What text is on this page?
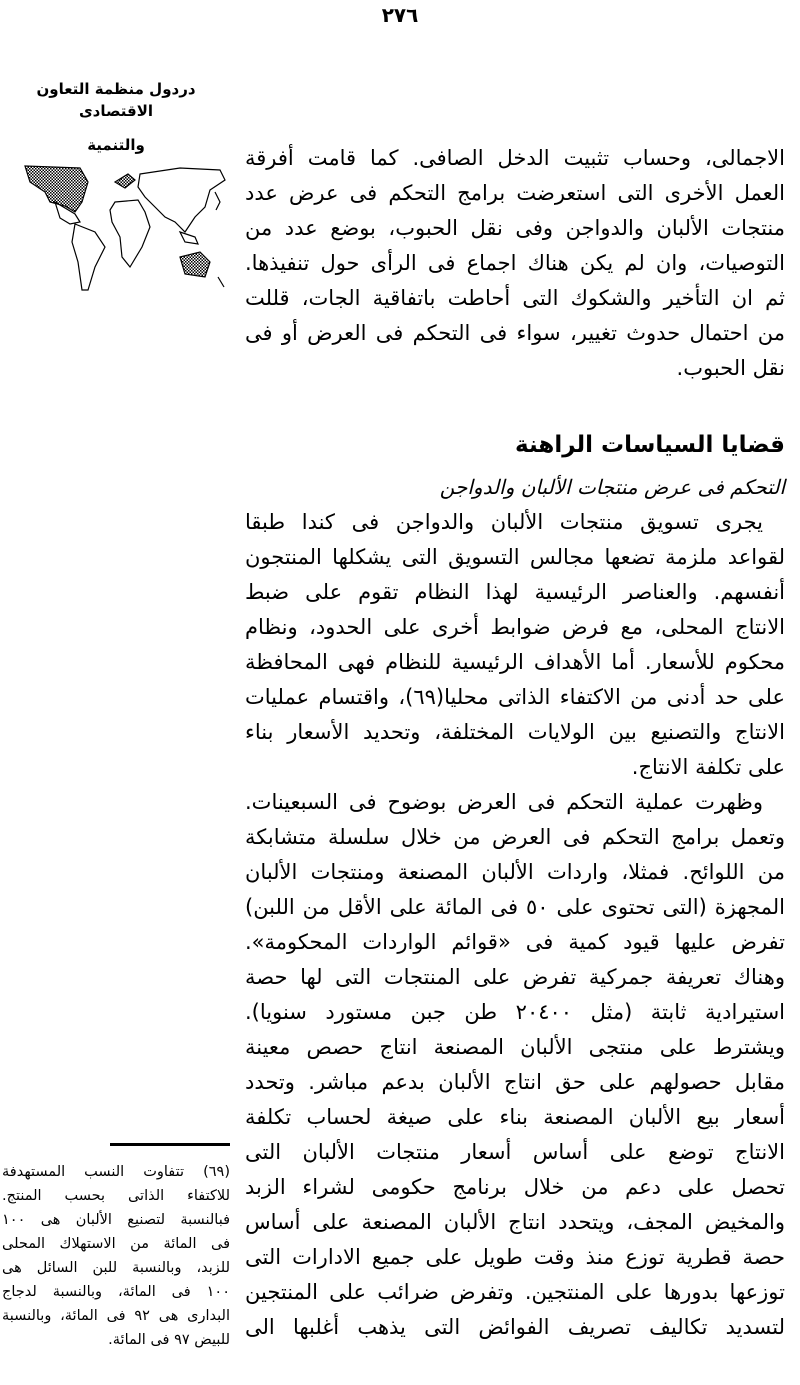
٢٧٦
دردول منظمة التعاون الاقتصادى
والتنمية
الاجمالى، وحساب تثبيت الدخل الصافى. كما قامت أفرقة
العمل الأخرى التى استعرضت برامج التحكم فى عرض عدد
منتجات الألبان والدواجن وفى نقل الحبوب، بوضع عدد من
التوصيات، وان لم يكن هناك اجماع فى الرأى حول تنفيذها.
ثم ان التأخير والشكوك التى أحاطت باتفاقية الجات، قللت
من احتمال حدوث تغيير، سواء فى التحكم فى العرض أو فى
نقل الحبوب.
قضايا السياسات الراهنة
التحكم فى عرض منتجات الألبان والدواجن
يجرى تسويق منتجات الألبان والدواجن فى كندا طبقا
لقواعد ملزمة تضعها مجالس التسويق التى يشكلها المنتجون
أنفسهم. والعناصر الرئيسية لهذا النظام تقوم على ضبط
الانتاج المحلى، مع فرض ضوابط أخرى على الحدود، ونظام
محكوم للأسعار. أما الأهداف الرئيسية للنظام فهى المحافظة
على حد أدنى من الاكتفاء الذاتى محليا(٦٩)، واقتسام عمليات
الانتاج والتصنيع بين الولايات المختلفة، وتحديد الأسعار بناء
على تكلفة الانتاج.
وظهرت عملية التحكم فى العرض بوضوح فى السبعينات.
وتعمل برامج التحكم فى العرض من خلال سلسلة متشابكة
من اللوائح. فمثلا، واردات الألبان المصنعة ومنتجات الألبان
المجهزة (التى تحتوى على ٥٠ فى المائة على الأقل من اللبن)
تفرض عليها قيود كمية فى «قوائم الواردات المحكومة».
وهناك تعريفة جمركية تفرض على المنتجات التى لها حصة
استيرادية ثابتة (مثل ٢٠٤٠٠ طن جبن مستورد سنويا).
ويشترط على منتجى الألبان المصنعة انتاج حصص معينة
مقابل حصولهم على حق انتاج الألبان بدعم مباشر. وتحدد
أسعار بيع الألبان المصنعة بناء على صيغة لحساب تكلفة
الانتاج توضع على أساس أسعار منتجات الألبان التى
تحصل على دعم من خلال برنامج حكومى لشراء الزبد
والمخيض المجف، ويتحدد انتاج الألبان المصنعة على أساس
حصة قطرية توزع منذ وقت طويل على جميع الادارات التى
توزعها بدورها على المنتجين. وتفرض ضرائب على المنتجين
لتسديد تكاليف تصريف الفوائض التى يذهب أغلبها الى
(٦٩) تتفاوت النسب المستهدفة
للاكتفاء الذاتى بحسب المنتج.
فبالنسبة لتصنيع الألبان هى ١٠٠
فى المائة من الاستهلاك المحلى
للزبد، وبالنسبة للبن السائل هى
١٠٠ فى المائة، وبالنسبة لدجاج
البدارى هى ٩٢ فى المائة، وبالنسبة
للبيض ٩٧ فى المائة.
